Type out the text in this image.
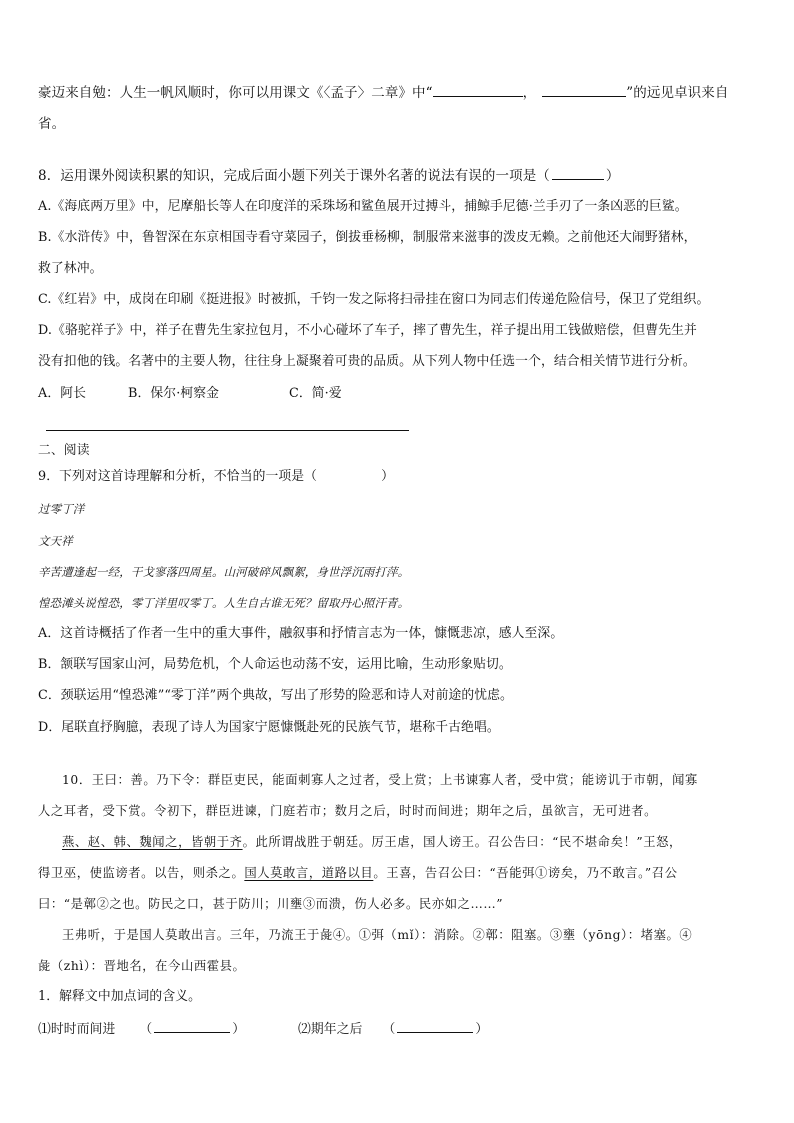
豪迈来自勉：人生一帆风顺时，你可以用课文《〈孟子〉二章》中“	，	”的远见卓识来自
省。
8．运用课外阅读积累的知识，完成后面小题下列关于课外名著的说法有误的一项是（	）
A.《海底两万里》中，尼摩船长等人在印度洋的采珠场和鲨鱼展开过搏斗，捕鲸手尼德·兰手刃了一条凶恶的巨鲨。
B.《水浒传》中，鲁智深在东京相国寺看守菜园子，倒拔垂杨柳，制服常来滋事的泼皮无赖。之前他还大闹野猪林，
救了林冲。
C.《红岩》中，成岗在印刷《挺进报》时被抓，千钧一发之际将扫帚挂在窗口为同志们传递危险信号，保卫了党组织。
D.《骆驼祥子》中，祥子在曹先生家拉包月，不小心碰坏了车子，摔了曹先生，祥子提出用工钱做赔偿，但曹先生并
没有扣他的钱。名著中的主要人物，往往身上凝聚着可贵的品质。从下列人物中任选一个，结合相关情节进行分析。
A．阿长	B．保尔·柯察金	C．简·爱
二、阅读
9．下列对这首诗理解和分析，不恰当的一项是（	）
过零丁洋
文天祥
辛苦遭逢起一经，干戈寥落四周星。山河破碎风飘絮，身世浮沉雨打萍。
惶恐滩头说惶恐，零丁洋里叹零丁。人生自古谁无死？留取丹心照汗青。
A．这首诗概括了作者一生中的重大事件，融叙事和抒情言志为一体，慷慨悲凉，感人至深。
B．颔联写国家山河，局势危机，个人命运也动荡不安，运用比喻，生动形象贴切。
C．颈联运用“惶恐滩”“零丁洋”两个典故，写出了形势的险恶和诗人对前途的忧虑。
D．尾联直抒胸臆，表现了诗人为国家宁愿慷慨赴死的民族气节，堪称千古绝唱。
10．王曰：善。乃下令：群臣吏民，能面刺寡人之过者，受上赏；上书谏寡人者，受中赏；能谤讥于市朝，闻寡
人之耳者，受下赏。令初下，群臣进谏，门庭若市；数月之后，时时而间进；期年之后，虽欲言，无可进者。
燕、赵、韩、魏闻之，皆朝于齐。此所谓战胜于朝廷。厉王虐，国人谤王。召公告曰：“民不堪命矣！”王怒，
得卫巫，使监谤者。以告，则杀之。国人莫敢言，道路以目。王喜，告召公曰：“吾能弭①谤矣，乃不敢言。”召公
曰：“是鄣②之也。防民之口，甚于防川；川壅③而溃，伤人必多。民亦如之……”
王弗听，于是国人莫敢出言。三年，乃流王于彘④。①弭（mǐ）：消除。②鄣：阻塞。③壅（yōng）：堵塞。④
彘（zhì）：晋地名，在今山西霍县。
1．解释文中加点词的含义。
⑴时时而间进 （	）	⑵期年之后 （	）
